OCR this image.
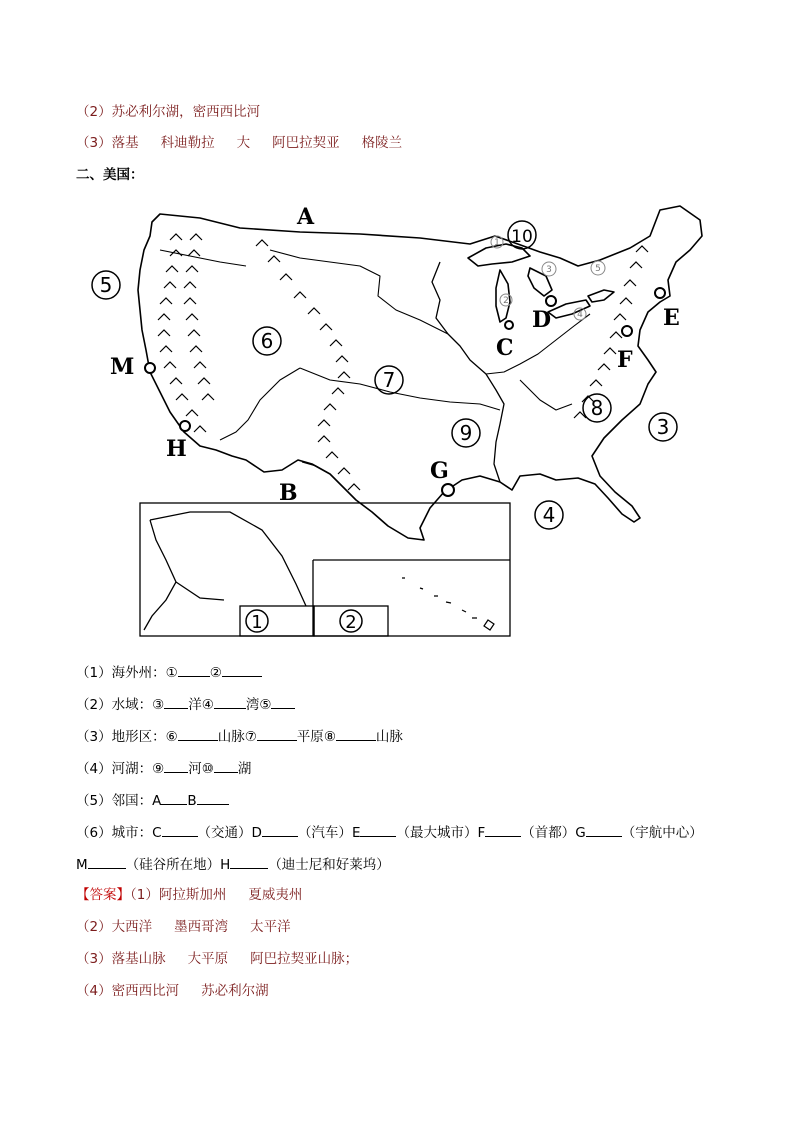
（2）苏必利尔湖，密西西比河
（3）落基 科迪勒拉 大 阿巴拉契亚 格陵兰
二、美国：
A
B
C
D	E
F
G
H
M
5
6
7
9	3
8
4
1	2
10
1
2
3
4
5
（1）海外州：① ②
（2）水域：③ 洋④ 湾⑤
（3）地形区：⑥	山脉⑦	平原⑧	山脉
（4）河湖：⑨ 河⑩ 湖
（5）邻国：A B
（6）城市：C	（交通）D	（汽车）E	（最大城市）F	（首都）G	（宇航中心）
M	（硅谷所在地）H	（迪士尼和好莱坞）
【答案】（1）阿拉斯加州 夏威夷州
（2）大西洋 墨西哥湾 太平洋
（3）落基山脉 大平原 阿巴拉契亚山脉；
（4）密西西比河 苏必利尔湖
